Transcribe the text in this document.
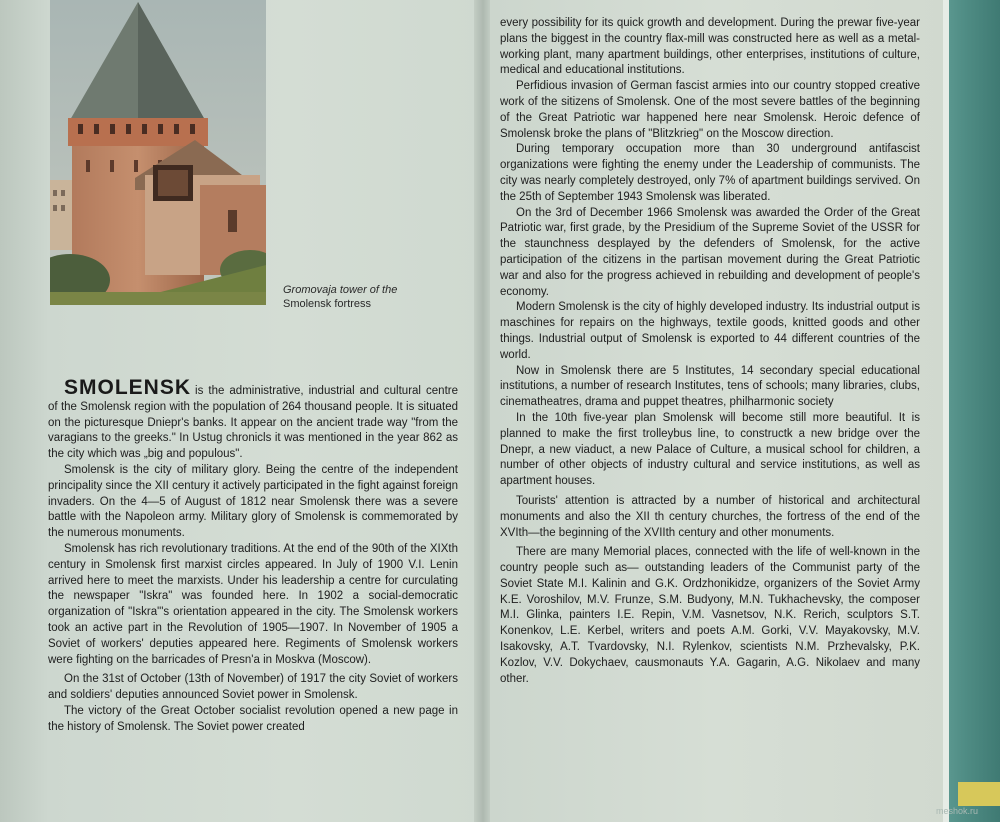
meshok.ru
Gromovaja tower of the
Smolensk fortress

SMOLENSK is the administrative, industrial and cultural centre of the Smolensk region with the population of 264 thousand people. It is situated on the picturesque Dniepr's banks. It appear on the ancient trade way "from the varagians to the greeks." In Ustug chronicls it was mentioned in the year 862 as the city which was „big and populous".

Smolensk is the city of military glory. Being the centre of the independent principality since the XII century it actively participated in the fight against foreign invaders. On the 4—5 of August of 1812 near Smolensk there was a severe battle with the Napoleon army. Military glory of Smolensk is commemorated by the numerous monuments.

Smolensk has rich revolutionary traditions. At the end of the 90th of the XIXth century in Smolensk first marxist circles appeared. In July of 1900 V.I. Lenin arrived here to meet the marxists. Under his leadership a centre for curculating the newspaper "Iskra" was founded here. In 1902 a social-democratic organization of "Iskra"'s orientation appeared in the city. The Smolensk workers took an active part in the Revolution of 1905—1907. In November of 1905 a Soviet of workers' deputies appeared here. Regiments of Smolensk workers were fighting on the barricades of Presn'a in Moskva (Moscow).

On the 31st of October (13th of November) of 1917 the city Soviet of workers and soldiers' deputies announced Soviet power in Smolensk.

The victory of the Great October socialist revolution opened a new page in the history of Smolensk. The Soviet power created

every possibility for its quick growth and development. During the prewar five-year plans the biggest in the country flax-mill was constructed here as well as a metal-working plant, many apartment buildings, other enterprises, institutions of culture, medical and educational institutions.

Perfidious invasion of German fascist armies into our country stopped creative work of the sitizens of Smolensk. One of the most severe battles of the beginning of the Great Patriotic war happened here near Smolensk. Heroic defence of Smolensk broke the plans of "Blitzkrieg" on the Moscow direction.

During temporary occupation more than 30 underground antifascist organizations were fighting the enemy under the Leadership of communists. The city was nearly completely destroyed, only 7% of apartment buildings servived. On the 25th of September 1943 Smolensk was liberated.

On the 3rd of December 1966 Smolensk was awarded the Order of the Great Patriotic war, first grade, by the Presidium of the Supreme Soviet of the USSR for the staunchness desplayed by the defenders of Smolensk, for the active participation of the citizens in the partisan movement during the Great Patriotic war and also for the progress achieved in rebuilding and development of people's economy.

Modern Smolensk is the city of highly developed industry. Its industrial output is maschines for repairs on the highways, textile goods, knitted goods and other things. Industrial output of Smolensk is exported to 44 different countries of the world.

Now in Smolensk there are 5 Institutes, 14 secondary special educational institutions, a number of research Institutes, tens of schools; many libraries, clubs, cinematheatres, drama and puppet theatres, philharmonic society

In the 10th five-year plan Smolensk will become still more beautiful. It is planned to make the first trolleybus line, to constructk a new bridge over the Dnepr, a new viaduct, a new Palace of Culture, a musical school for children, a number of other objects of industry cultural and service institutions, as well as apartment houses.

Tourists' attention is attracted by a number of historical and architectural monuments and also the XII th century churches, the fortress of the end of the XVIth—the beginning of the XVIIth century and other monuments.

There are many Memorial places, connected with the life of well-known in the country people such as— outstanding leaders of the Communist party of the Soviet State M.I. Kalinin and G.K. Ordzhonikidze, organizers of the Soviet Army K.E. Voroshilov, M.V. Frunze, S.M. Budyony, M.N. Tukhachevsky, the composer M.I. Glinka, painters I.E. Repin, V.M. Vasnetsov, N.K. Rerich, sculptors S.T. Konenkov, L.E. Kerbel, writers and poets A.M. Gorki, V.V. Mayakovsky, M.V. Isakovsky, A.T. Tvardovsky, N.I. Rylenkov, scientists N.M. Przhevalsky, P.K. Kozlov, V.V. Dokychaev, causmonauts Y.A. Gagarin, A.G. Nikolaev and many other.
